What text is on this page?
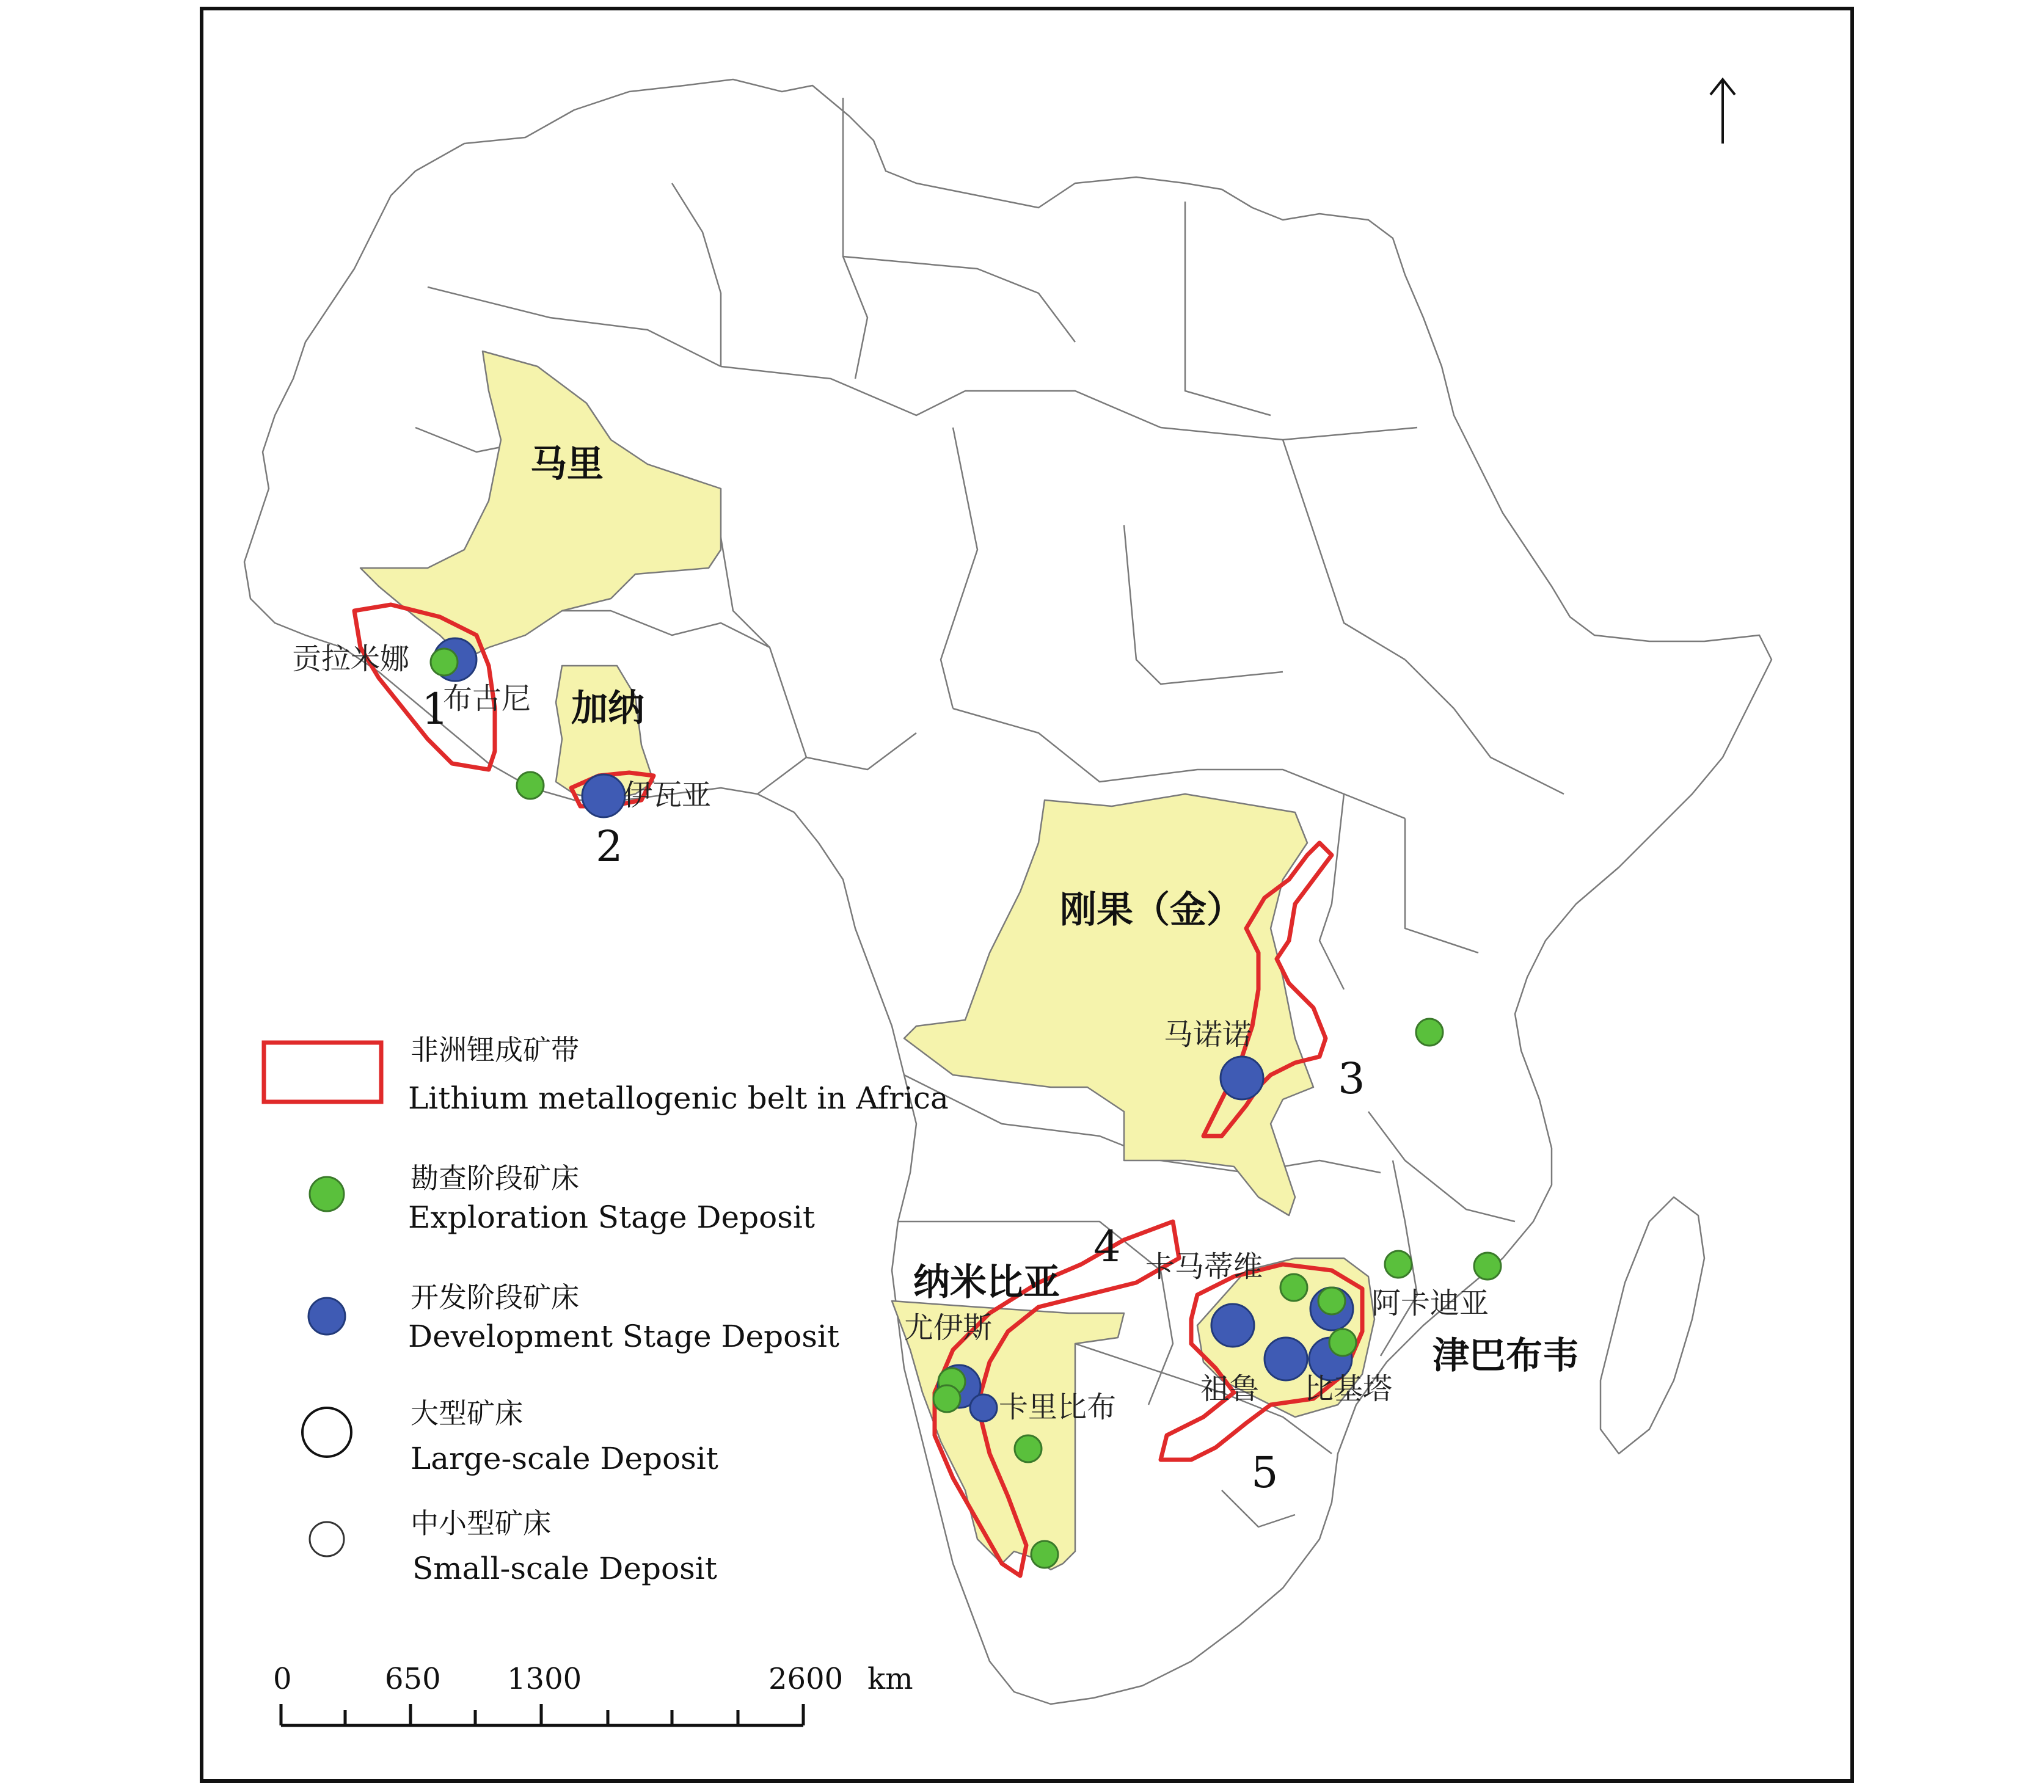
马里
加纳
刚果（金）
纳米比亚
津巴布韦
贡拉米娜
布古尼
伊瓦亚
马诺诺
卡马蒂维
阿卡迪亚
祖鲁 比基塔
尤伊斯
卡里比布
1
2
3
4
5
非洲锂成矿带
Lithium metallogenic belt in Africa
勘查阶段矿床
Exploration Stage Deposit
开发阶段矿床
Development Stage Deposit
大型矿床
Large-scale Deposit
中小型矿床
Small-scale Deposit
0	650 1300	2600 km
